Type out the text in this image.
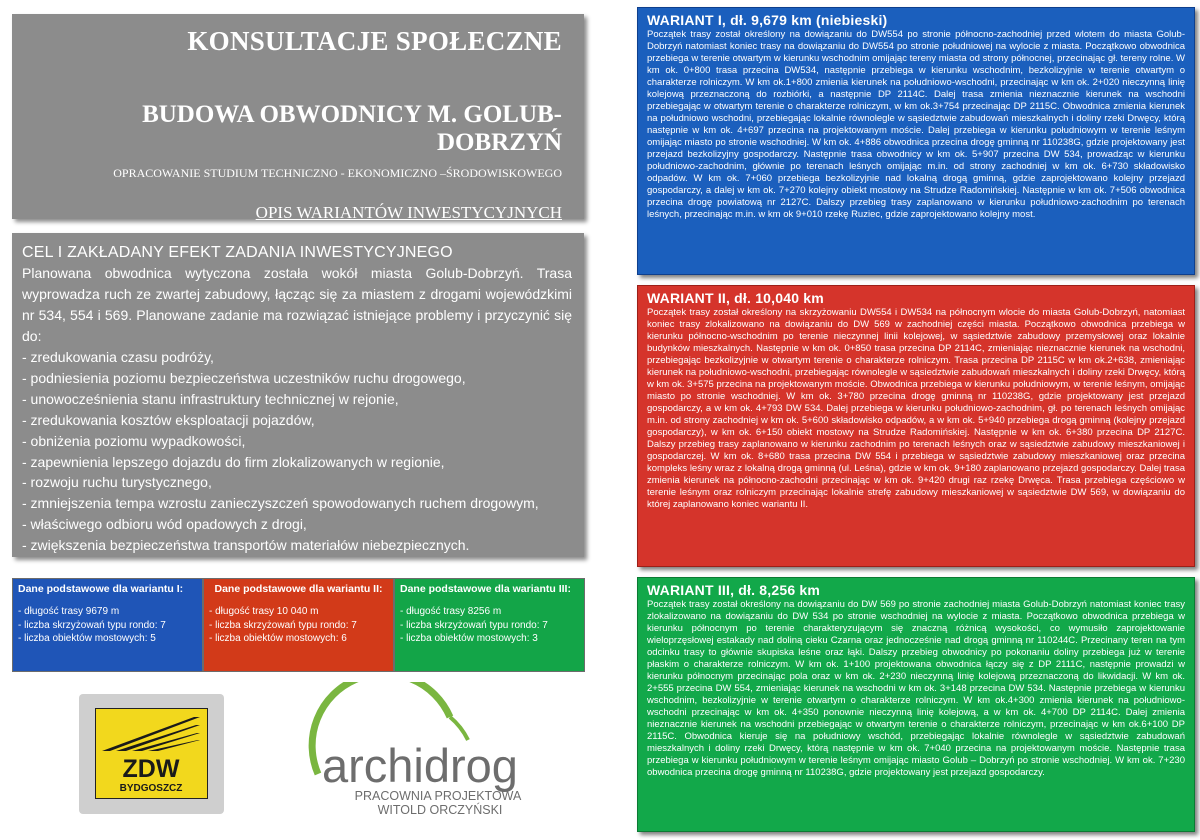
KONSULTACJE SPOŁECZNE
BUDOWA OBWODNICY M. GOLUB-DOBRZYŃ
OPRACOWANIE STUDIUM TECHNICZNO - EKONOMICZNO –ŚRODOWISKOWEGO
OPIS WARIANTÓW INWESTYCYJNYCH
CEL I ZAKŁADANY EFEKT ZADANIA INWESTYCYJNEGO
Planowana obwodnica wytyczona została wokół miasta Golub-Dobrzyń. Trasa wyprowadza ruch ze zwartej zabudowy, łącząc się za miastem z drogami wojewódzkimi nr 534, 554 i 569. Planowane zadanie ma rozwiązać istniejące problemy i przyczynić się do:
- zredukowania czasu podróży,
- podniesienia poziomu bezpieczeństwa uczestników ruchu drogowego,
- unowocześnienia stanu infrastruktury technicznej w rejonie,
- zredukowania kosztów eksploatacji pojazdów,
- obniżenia poziomu wypadkowości,
- zapewnienia lepszego dojazdu do firm zlokalizowanych w regionie,
- rozwoju ruchu turystycznego,
- zmniejszenia tempa wzrostu zanieczyszczeń spowodowanych ruchem drogowym,
- właściwego odbioru wód opadowych z drogi,
- zwiększenia bezpieczeństwa transportów materiałów niebezpiecznych.
Dane podstawowe dla wariantu I:
- długość trasy 9679 m
- liczba skrzyżowań typu rondo: 7
- liczba obiektów mostowych: 5
Dane podstawowe dla wariantu II:
- długość trasy 10 040 m
- liczba skrzyżowań typu rondo: 7
- liczba obiektów mostowych: 6
Dane podstawowe dla wariantu III:
- długość trasy 8256 m
- liczba skrzyżowań typu rondo: 7
- liczba obiektów mostowych: 3
ZDW
BYDGOSZCZ	archidrog
PRACOWNIA PROJEKTOWA
WITOLD ORCZYŃSKI
WARIANT I, dł. 9,679 km (niebieski)
Początek trasy został określony na dowiązaniu do DW554 po stronie północno-zachodniej przed wlotem do miasta Golub-Dobrzyń natomiast koniec trasy na dowiązaniu do DW554 po stronie południowej na wylocie z miasta. Początkowo obwodnica przebiega w terenie otwartym w kierunku wschodnim omijając tereny miasta od strony północnej, przecinając gł. tereny rolne. W km ok. 0+800 trasa przecina DW534, następnie przebiega w kierunku wschodnim, bezkolizyjnie w terenie otwartym o charakterze rolniczym. W km ok.1+800 zmienia kierunek na południowo-wschodni, przecinając w km ok. 2+020 nieczynną linię kolejową przeznaczoną do rozbiórki, a następnie DP 2114C. Dalej trasa zmienia nieznacznie kierunek na wschodni przebiegając w otwartym terenie o charakterze rolniczym, w km ok.3+754 przecinając DP 2115C. Obwodnica zmienia kierunek na południowo wschodni, przebiegając lokalnie równolegle w sąsiedztwie zabudowań mieszkalnych i doliny rzeki Drwęcy, którą następnie w km ok. 4+697 przecina na projektowanym moście. Dalej przebiega w kierunku południowym w terenie leśnym omijając miasto po stronie wschodniej. W km ok. 4+886 obwodnica przecina drogę gminną nr 110238G, gdzie projektowany jest przejazd bezkolizyjny gospodarczy. Następnie trasa obwodnicy w km ok. 5+907 przecina DW 534, prowadząc w kierunku południowo-zachodnim, głównie po terenach leśnych omijając m.in. od strony zachodniej w km ok. 6+730 składowisko odpadów. W km ok. 7+060 przebiega bezkolizyjnie nad lokalną drogą gminną, gdzie zaprojektowano kolejny przejazd gospodarczy, a dalej w km ok. 7+270 kolejny obiekt mostowy na Strudze Radomińskiej. Następnie w km ok. 7+506 obwodnica przecina drogę powiatową nr 2127C. Dalszy przebieg trasy zaplanowano w kierunku południowo-zachodnim po terenach leśnych, przecinając m.in. w km ok 9+010 rzekę Ruziec, gdzie zaprojektowano kolejny most.
WARIANT II, dł. 10,040 km
Początek trasy został określony na skrzyżowaniu DW554 i DW534 na północnym wlocie do miasta Golub-Dobrzyń, natomiast koniec trasy zlokalizowano na dowiązaniu do DW 569 w zachodniej części miasta. Początkowo obwodnica przebiega w kierunku północno-wschodnim po terenie nieczynnej linii kolejowej, w sąsiedztwie zabudowy przemysłowej oraz lokalnie budynków mieszkalnych. Następnie w km ok. 0+850 trasa przecina DP 2114C, zmieniając nieznacznie kierunek na wschodni, przebiegając bezkolizyjnie w otwartym terenie o charakterze rolniczym. Trasa przecina DP 2115C w km ok.2+638, zmieniając kierunek na południowo-wschodni, przebiegając równolegle w sąsiedztwie zabudowań mieszkalnych i doliny rzeki Drwęcy, którą w km ok. 3+575 przecina na projektowanym moście. Obwodnica przebiega w kierunku południowym, w terenie leśnym, omijając miasto po stronie wschodniej. W km ok. 3+780 przecina drogę gminną nr 110238G, gdzie projektowany jest przejazd gospodarczy, a w km ok. 4+793 DW 534. Dalej przebiega w kierunku południowo-zachodnim, gł. po terenach leśnych omijając m.in. od strony zachodniej w km ok. 5+600 składowisko odpadów, a w km ok. 5+940 przebiega drogą gminną (kolejny przejazd gospodarczy), w km ok. 6+150 obiekt mostowy na Strudze Radomińskiej. Następnie w km ok. 6+380 przecina DP 2127C. Dalszy przebieg trasy zaplanowano w kierunku zachodnim po terenach leśnych oraz w sąsiedztwie zabudowy mieszkaniowej i gospodarczej. W km ok. 8+680 trasa przecina DW 554 i przebiega w sąsiedztwie zabudowy mieszkaniowej oraz przecina kompleks leśny wraz z lokalną drogą gminną (ul. Leśna), gdzie w km ok. 9+180 zaplanowano przejazd gospodarczy. Dalej trasa zmienia kierunek na północno-zachodni przecinając w km ok. 9+420 drugi raz rzekę Drwęca. Trasa przebiega częściowo w terenie leśnym oraz rolniczym przecinając lokalnie strefę zabudowy mieszkaniowej w sąsiedztwie DW 569, w dowiązaniu do której zaplanowano koniec wariantu II.
WARIANT III, dł. 8,256 km
Początek trasy został określony na dowiązaniu do DW 569 po stronie zachodniej miasta Golub-Dobrzyń natomiast koniec trasy zlokalizowano na dowiązaniu do DW 534 po stronie wschodniej na wylocie z miasta. Początkowo obwodnica przebiega w kierunku północnym po terenie charakteryzującym się znaczną różnicą wysokości, co wymusiło zaprojektowanie wieloprzęsłowej estakady nad doliną cieku Czarna oraz jednocześnie nad drogą gminną nr 110244C. Przecinany teren na tym odcinku trasy to głównie skupiska leśne oraz łąki. Dalszy przebieg obwodnicy po pokonaniu doliny przebiega już w terenie płaskim o charakterze rolniczym. W km ok. 1+100 projektowana obwodnica łączy się z DP 2111C, następnie prowadzi w kierunku północnym przecinając pola oraz w km ok. 2+230 nieczynną linię kolejową przeznaczoną do likwidacji. W km ok. 2+555 przecina DW 554, zmieniając kierunek na wschodni w km ok. 3+148 przecina DW 534. Następnie przebiega w kierunku wschodnim, bezkolizyjnie w terenie otwartym o charakterze rolniczym. W km ok.4+300 zmienia kierunek na południowo-wschodni przecinając w km ok. 4+350 ponownie nieczynną linię kolejową, a w km ok. 4+700 DP 2114C. Dalej zmienia nieznacznie kierunek na wschodni przebiegając w otwartym terenie o charakterze rolniczym, przecinając w km ok.6+100 DP 2115C. Obwodnica kieruje się na południowy wschód, przebiegając lokalnie równolegle w sąsiedztwie zabudowań mieszkalnych i doliny rzeki Drwęcy, którą następnie w km ok. 7+040 przecina na projektowanym moście. Następnie trasa przebiega w kierunku południowym w terenie leśnym omijając miasto Golub – Dobrzyń po stronie wschodniej. W km ok. 7+230 obwodnica przecina drogę gminną nr 110238G, gdzie projektowany jest przejazd gospodarczy.
